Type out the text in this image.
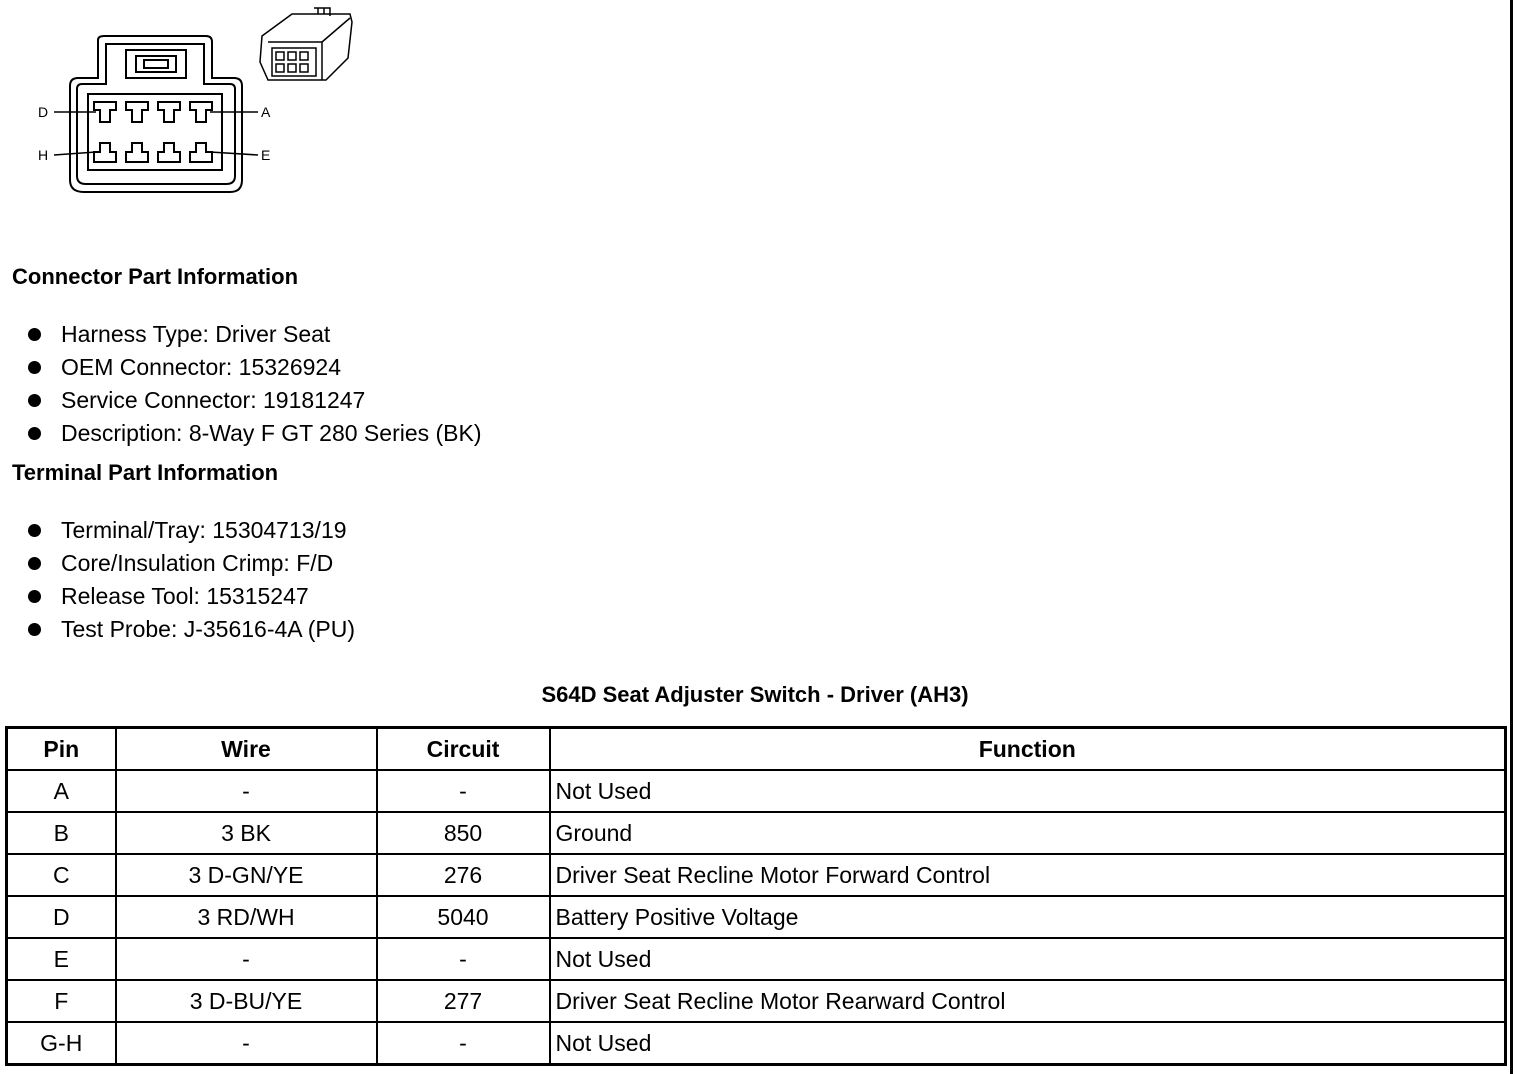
D	A
H	E
Connector Part Information
Harness Type: Driver Seat
OEM Connector: 15326924
Service Connector: 19181247
Description: 8-Way F GT 280 Series (BK)
Terminal Part Information
Terminal/Tray: 15304713/19
Core/Insulation Crimp: F/D
Release Tool: 15315247
Test Probe: J-35616-4A (PU)
S64D Seat Adjuster Switch - Driver (AH3)
Pin	Wire	Circuit	Function
A	-	-	Not Used
B	3 BK	850	Ground
C	3 D-GN/YE	276	Driver Seat Recline Motor Forward Control
D	3 RD/WH	5040	Battery Positive Voltage
E	-	-	Not Used
F	3 D-BU/YE	277	Driver Seat Recline Motor Rearward Control
G-H	-	-	Not Used
